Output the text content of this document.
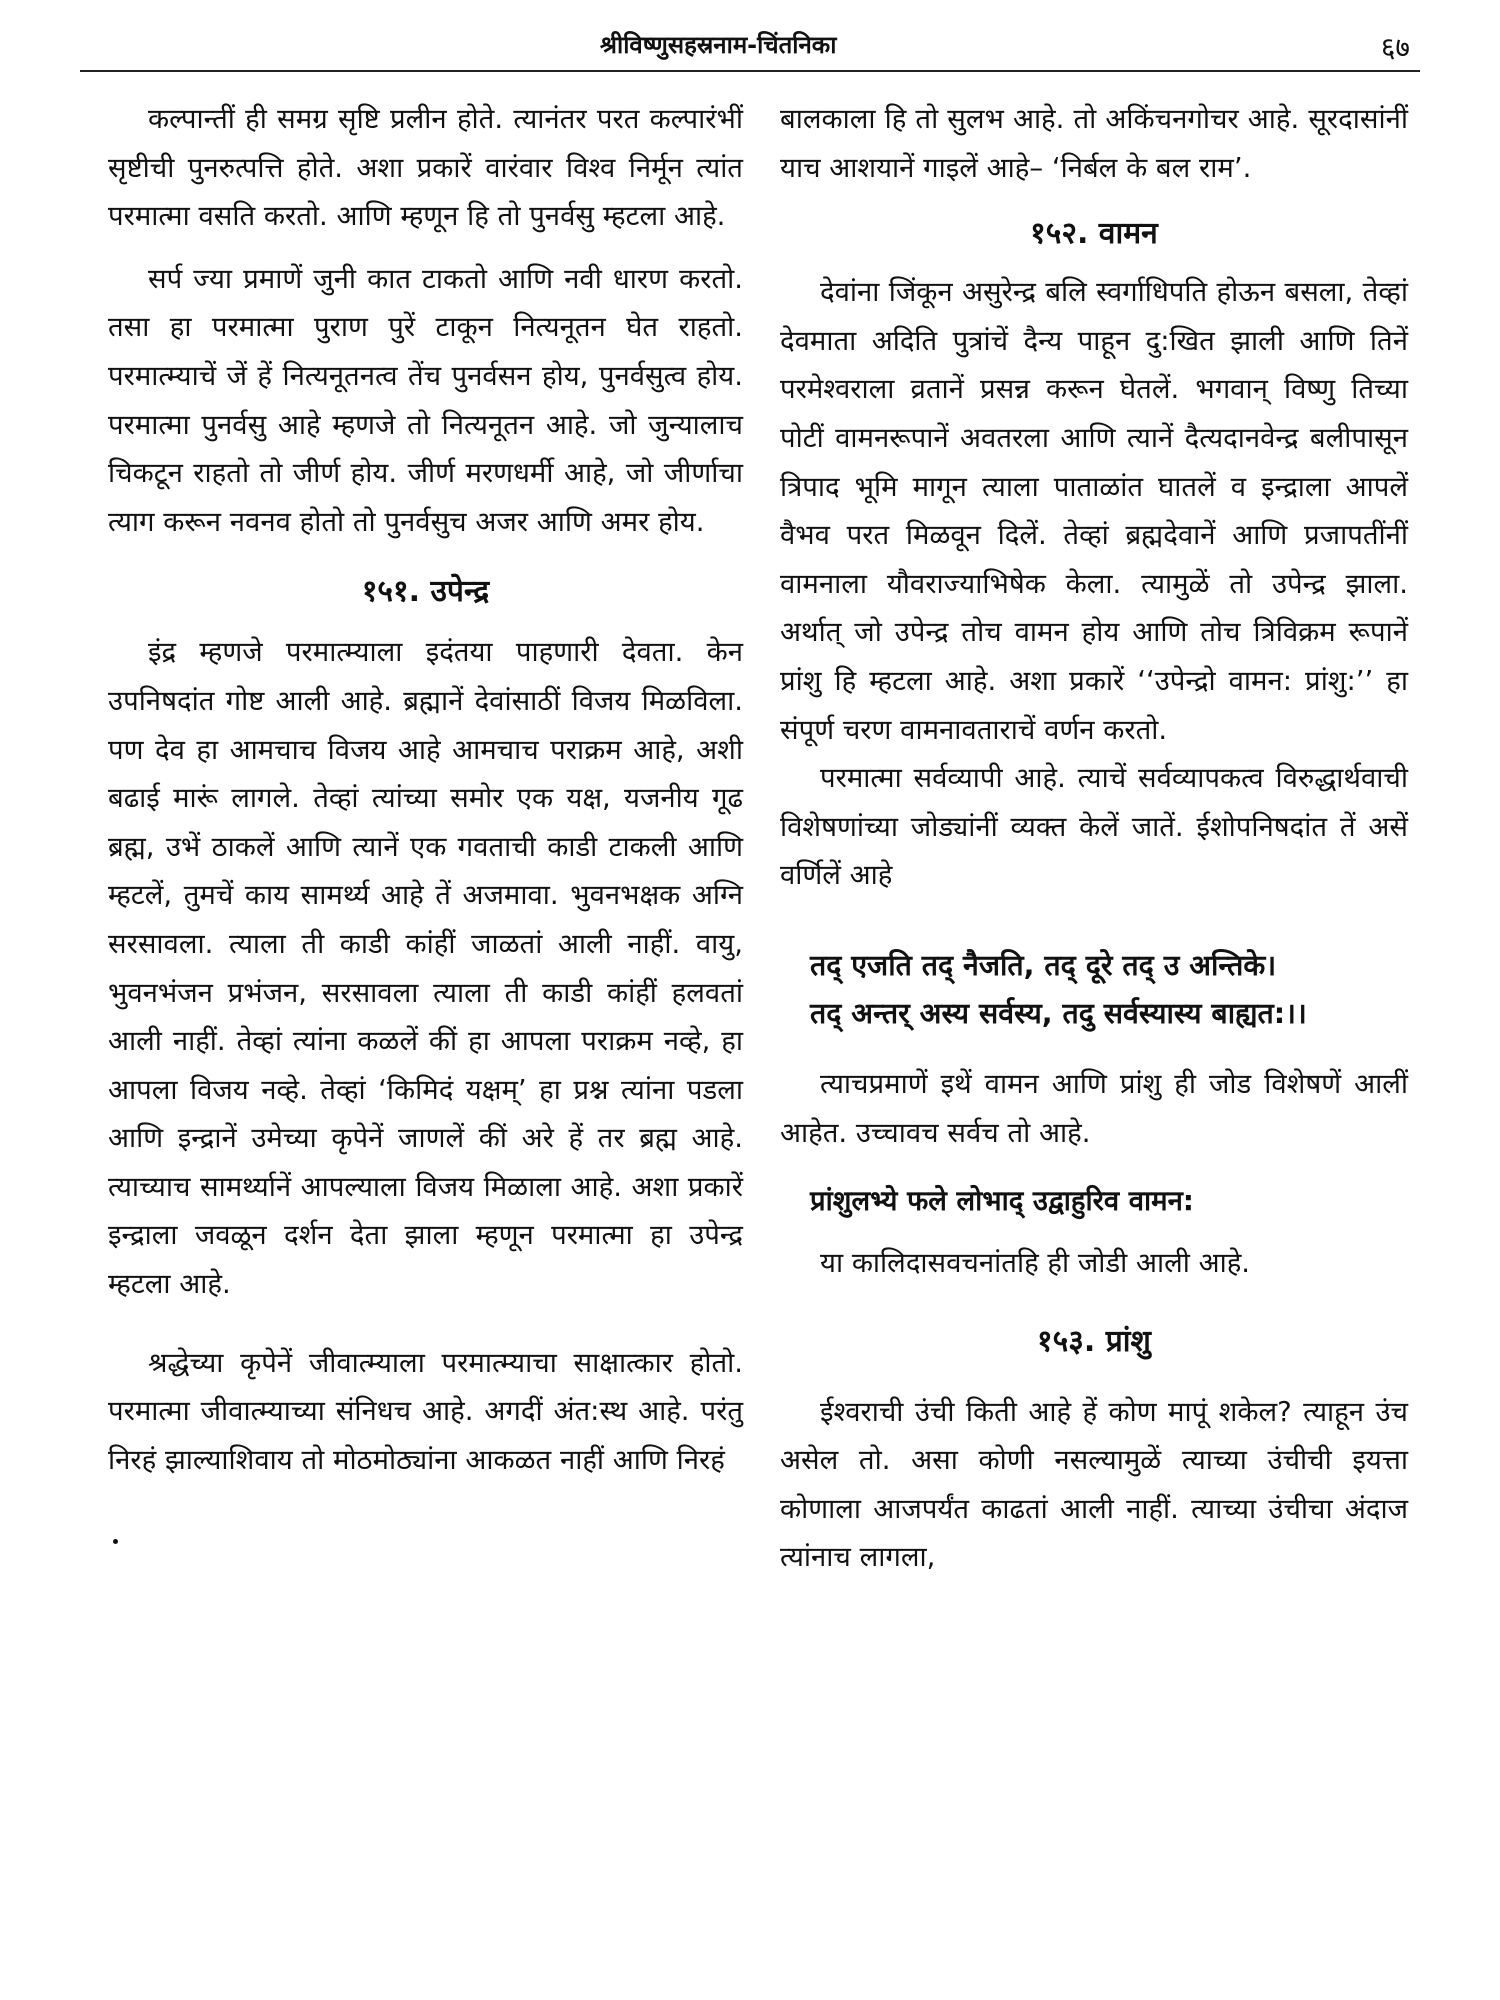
श्रीविष्णुसहस्रनाम-चिंतनिका	६७

कल्पान्तीं ही समग्र सृष्टि प्रलीन होते. त्यानंतर परत कल्पारंभीं सृष्टीची पुनरुत्पत्ति होते. अशा प्रकारें वारंवार विश्व निर्मून त्यांत परमात्मा वसति करतो. आणि म्हणून हि तो पुनर्वसु म्हटला आहे.

सर्प ज्या प्रमाणें जुनी कात टाकतो आणि नवी धारण करतो. तसा हा परमात्मा पुराण पुरें टाकून नित्यनूतन घेत राहतो. परमात्म्याचें जें हें नित्यनूतनत्व तेंच पुनर्वसन होय, पुनर्वसुत्व होय. परमात्मा पुनर्वसु आहे म्हणजे तो नित्यनूतन आहे. जो जुन्यालाच चिकटून राहतो तो जीर्ण होय. जीर्ण मरणधर्मी आहे, जो जीर्णाचा त्याग करून नवनव होतो तो पुनर्वसुच अजर आणि अमर होय.

१५१. उपेन्द्र

इंद्र म्हणजे परमात्म्याला इदंतया पाहणारी देवता. केन उपनिषदांत गोष्ट आली आहे. ब्रह्मानें देवांसाठीं विजय मिळविला. पण देव हा आमचाच विजय आहे आमचाच पराक्रम आहे, अशी बढाई मारूं लागले. तेव्हां त्यांच्या समोर एक यक्ष, यजनीय गूढ ब्रह्म, उभें ठाकलें आणि त्यानें एक गवताची काडी टाकली आणि म्हटलें, तुमचें काय सामर्थ्य आहे तें अजमावा. भुवनभक्षक अग्नि सरसावला. त्याला ती काडी कांहीं जाळतां आली नाहीं. वायु, भुवनभंजन प्रभंजन, सरसावला त्याला ती काडी कांहीं हलवतां आली नाहीं. तेव्हां त्यांना कळलें कीं हा आपला पराक्रम नव्हे, हा आपला विजय नव्हे. तेव्हां ‘किमिदं यक्षम्’ हा प्रश्न त्यांना पडला आणि इन्द्रानें उमेच्या कृपेनें जाणलें कीं अरे हें तर ब्रह्म आहे. त्याच्याच सामर्थ्यानें आपल्याला विजय मिळाला आहे. अशा प्रकारें इन्द्राला जवळून दर्शन देता झाला म्हणून परमात्मा हा उपेन्द्र म्हटला आहे.

श्रद्धेच्या कृपेनें जीवात्म्याला परमात्म्याचा साक्षात्कार होतो. परमात्मा जीवात्म्याच्या संनिधच आहे. अगदीं अंत:स्थ आहे. परंतु निरहं झाल्याशिवाय तो मोठमोठ्यांना आकळत नाहीं आणि निरहं

बालकाला हि तो सुलभ आहे. तो अकिंचनगोचर आहे. सूरदासांनीं याच आशयानें गाइलें आहे– ‘निर्बल के बल राम’.

१५२. वामन

देवांना जिंकून असुरेन्द्र बलि स्वर्गाधिपति होऊन बसला, तेव्हां देवमाता अदिति पुत्रांचें दैन्य पाहून दु:खित झाली आणि तिनें परमेश्वराला व्रतानें प्रसन्न करून घेतलें. भगवान् विष्णु तिच्या पोटीं वामनरूपानें अवतरला आणि त्यानें दैत्यदानवेन्द्र बलीपासून त्रिपाद भूमि मागून त्याला पाताळांत घातलें व इन्द्राला आपलें वैभव परत मिळवून दिलें. तेव्हां ब्रह्मदेवानें आणि प्रजापतींनीं वामनाला यौवराज्याभिषेक केला. त्यामुळें तो उपेन्द्र झाला. अर्थात् जो उपेन्द्र तोच वामन होय आणि तोच त्रिविक्रम रूपानें प्रांशु हि म्हटला आहे. अशा प्रकारें ‘‘उपेन्द्रो वामन: प्रांशु:’’ हा संपूर्ण चरण वामनावताराचें वर्णन करतो.

परमात्मा सर्वव्यापी आहे. त्याचें सर्वव्यापकत्व विरुद्धार्थवाची विशेषणांच्या जोड्यांनीं व्यक्त केलें जातें. ईशोपनिषदांत तें असें वर्णिलें आहे

तद् एजति तद् नैजति, तद् दूरे तद् उ अन्तिके।
तद् अन्तर् अस्य सर्वस्य, तदु सर्वस्यास्य बाह्यत:।।

त्याचप्रमाणें इथें वामन आणि प्रांशु ही जोड विशेषणें आलीं आहेत. उच्चावच सर्वच तो आहे.

प्रांशुलभ्ये फले लोभाद् उद्वाहुरिव वामन:

या कालिदासवचनांतहि ही जोडी आली आहे.

१५३. प्रांशु

ईश्वराची उंची किती आहे हें कोण मापूं शकेल? त्याहून उंच असेल तो. असा कोणी नसल्यामुळें त्याच्या उंचीची इयत्ता कोणाला आजपर्यंत काढतां आली नाहीं. त्याच्या उंचीचा अंदाज त्यांनाच लागला,
